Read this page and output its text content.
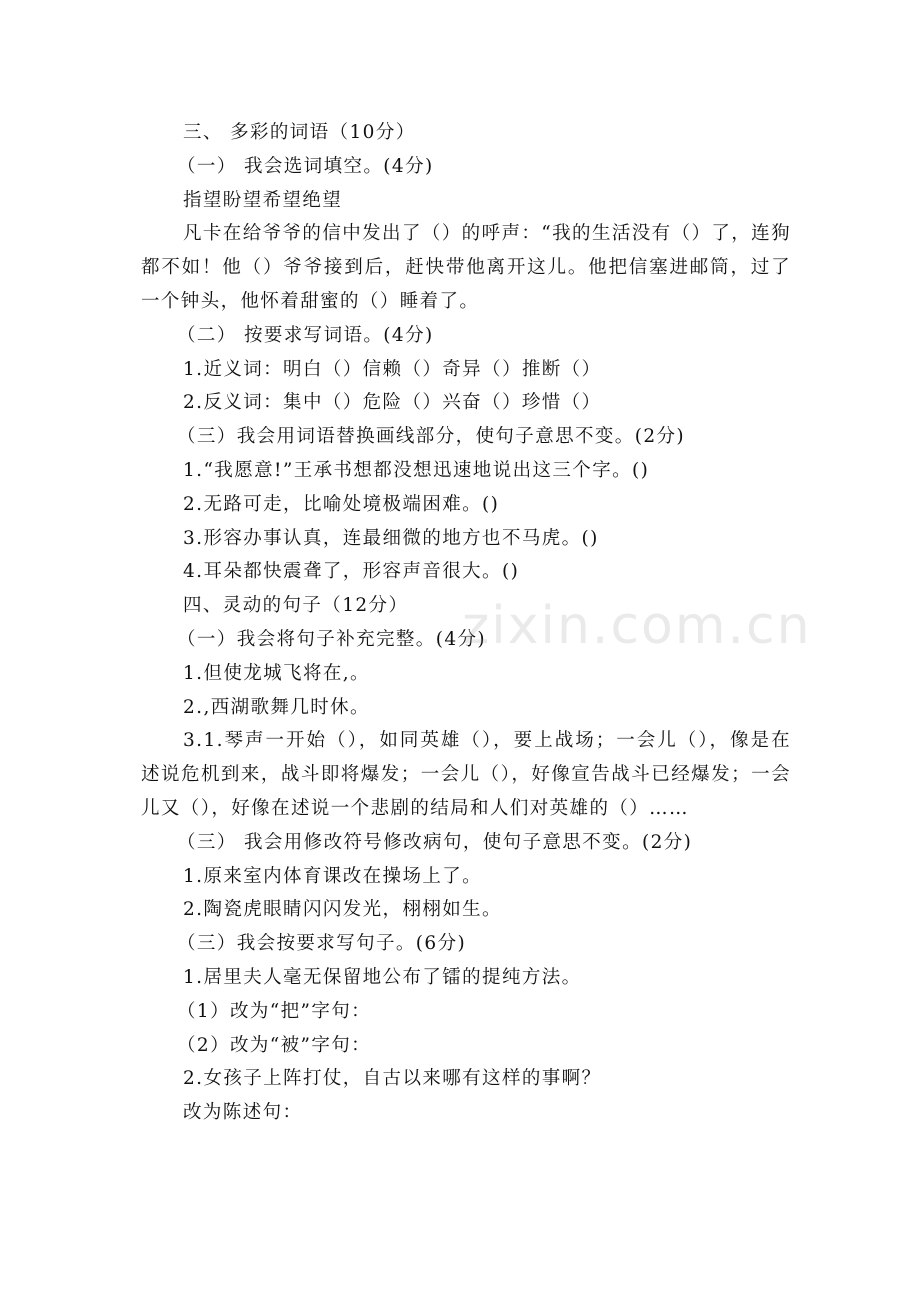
三、 多彩的词语（10分）
（一） 我会选词填空。(4分)
指望盼望希望绝望
凡卡在给爷爷的信中发出了（）的呼声：“我的生活没有（）了，连狗都不如！他（）爷爷接到后，赶快带他离开这儿。他把信塞进邮筒，过了一个钟头，他怀着甜蜜的（）睡着了。
（二） 按要求写词语。(4分)
1.近义词：明白（）信赖（）奇异（）推断（）
2.反义词：集中（）危险（）兴奋（）珍惜（）
（三）我会用词语替换画线部分，使句子意思不变。(2分)
1.“我愿意!”王承书想都没想迅速地说出这三个字。()
2.无路可走，比喻处境极端困难。()
3.形容办事认真，连最细微的地方也不马虎。()
4.耳朵都快震聋了，形容声音很大。()
四、灵动的句子（12分）
（一）我会将句子补充完整。(4分)
1.但使龙城飞将在,。
2.,西湖歌舞几时休。
3.1.琴声一开始（），如同英雄（），要上战场；一会儿（），像是在述说危机到来，战斗即将爆发；一会儿（），好像宣告战斗已经爆发；一会儿又（），好像在述说一个悲剧的结局和人们对英雄的（）……
（三） 我会用修改符号修改病句，使句子意思不变。(2分)
1.原来室内体育课改在操场上了。
2.陶瓷虎眼睛闪闪发光，栩栩如生。
（三）我会按要求写句子。(6分)
1.居里夫人毫无保留地公布了镭的提纯方法。
（1）改为“把”字句：
（2）改为“被”字句：
2.女孩子上阵打仗，自古以来哪有这样的事啊？
改为陈述句：
zixin.com.cn
